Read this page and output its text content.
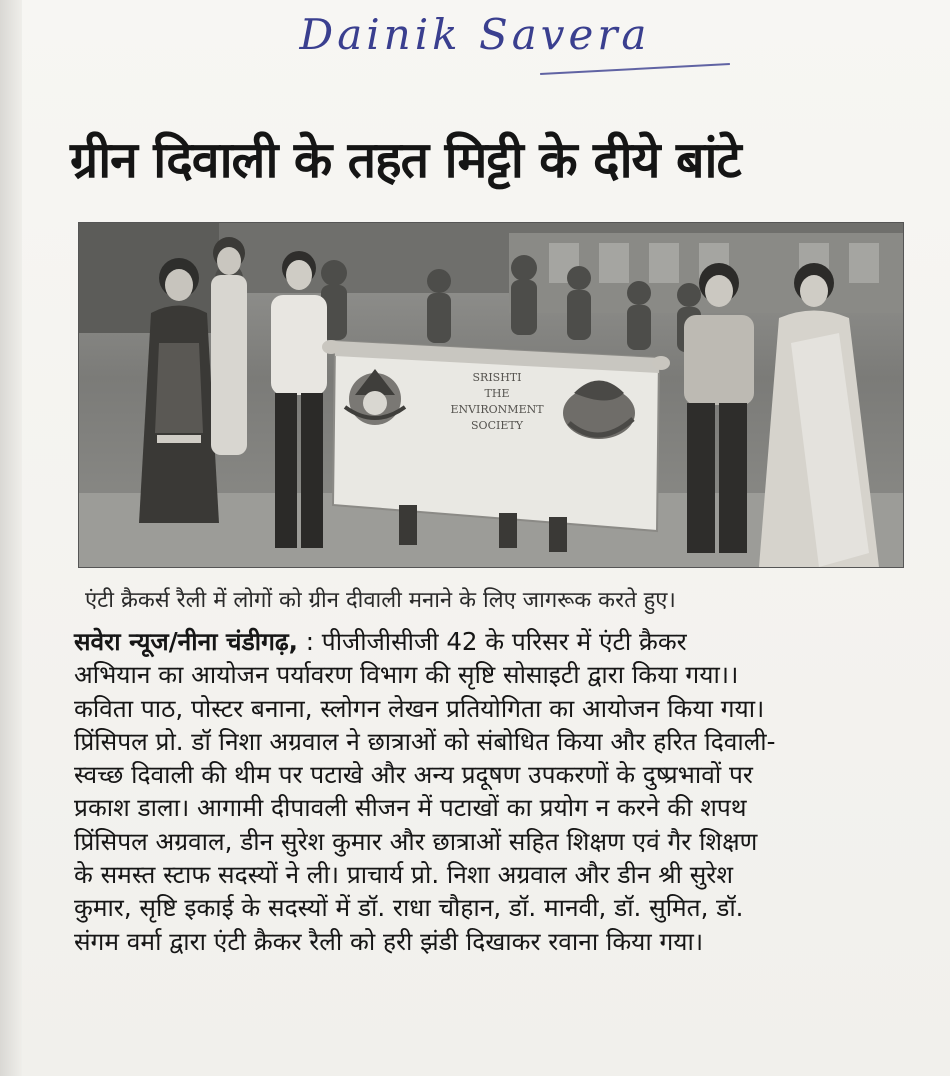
Dainik Savera
ग्रीन दिवाली के तहत मिट्टी के दीये बांटे
SRISHTI
THE
ENVIRONMENT
SOCIETY
एंटी क्रैकर्स रैली में लोगों को ग्रीन दीवाली मनाने के लिए जागरूक करते हुए।
सवेरा न्यूज/नीना चंडीगढ़, : पीजीजीसीजी 42 के परिसर में एंटी क्रैकर
अभियान का आयोजन पर्यावरण विभाग की सृष्टि सोसाइटी द्वारा किया गया।।
कविता पाठ, पोस्टर बनाना, स्लोगन लेखन प्रतियोगिता का आयोजन किया गया।
प्रिंसिपल प्रो. डॉ निशा अग्रवाल ने छात्राओं को संबोधित किया और हरित दिवाली-
स्वच्छ दिवाली की थीम पर पटाखे और अन्य प्रदूषण उपकरणों के दुष्प्रभावों पर
प्रकाश डाला। आगामी दीपावली सीजन में पटाखों का प्रयोग न करने की शपथ
प्रिंसिपल अग्रवाल, डीन सुरेश कुमार और छात्राओं सहित शिक्षण एवं गैर शिक्षण
के समस्त स्टाफ सदस्यों ने ली। प्राचार्य प्रो. निशा अग्रवाल और डीन श्री सुरेश
कुमार, सृष्टि इकाई के सदस्यों में डॉ. राधा चौहान, डॉ. मानवी, डॉ. सुमित, डॉ.
संगम वर्मा द्वारा एंटी क्रैकर रैली को हरी झंडी दिखाकर रवाना किया गया।
